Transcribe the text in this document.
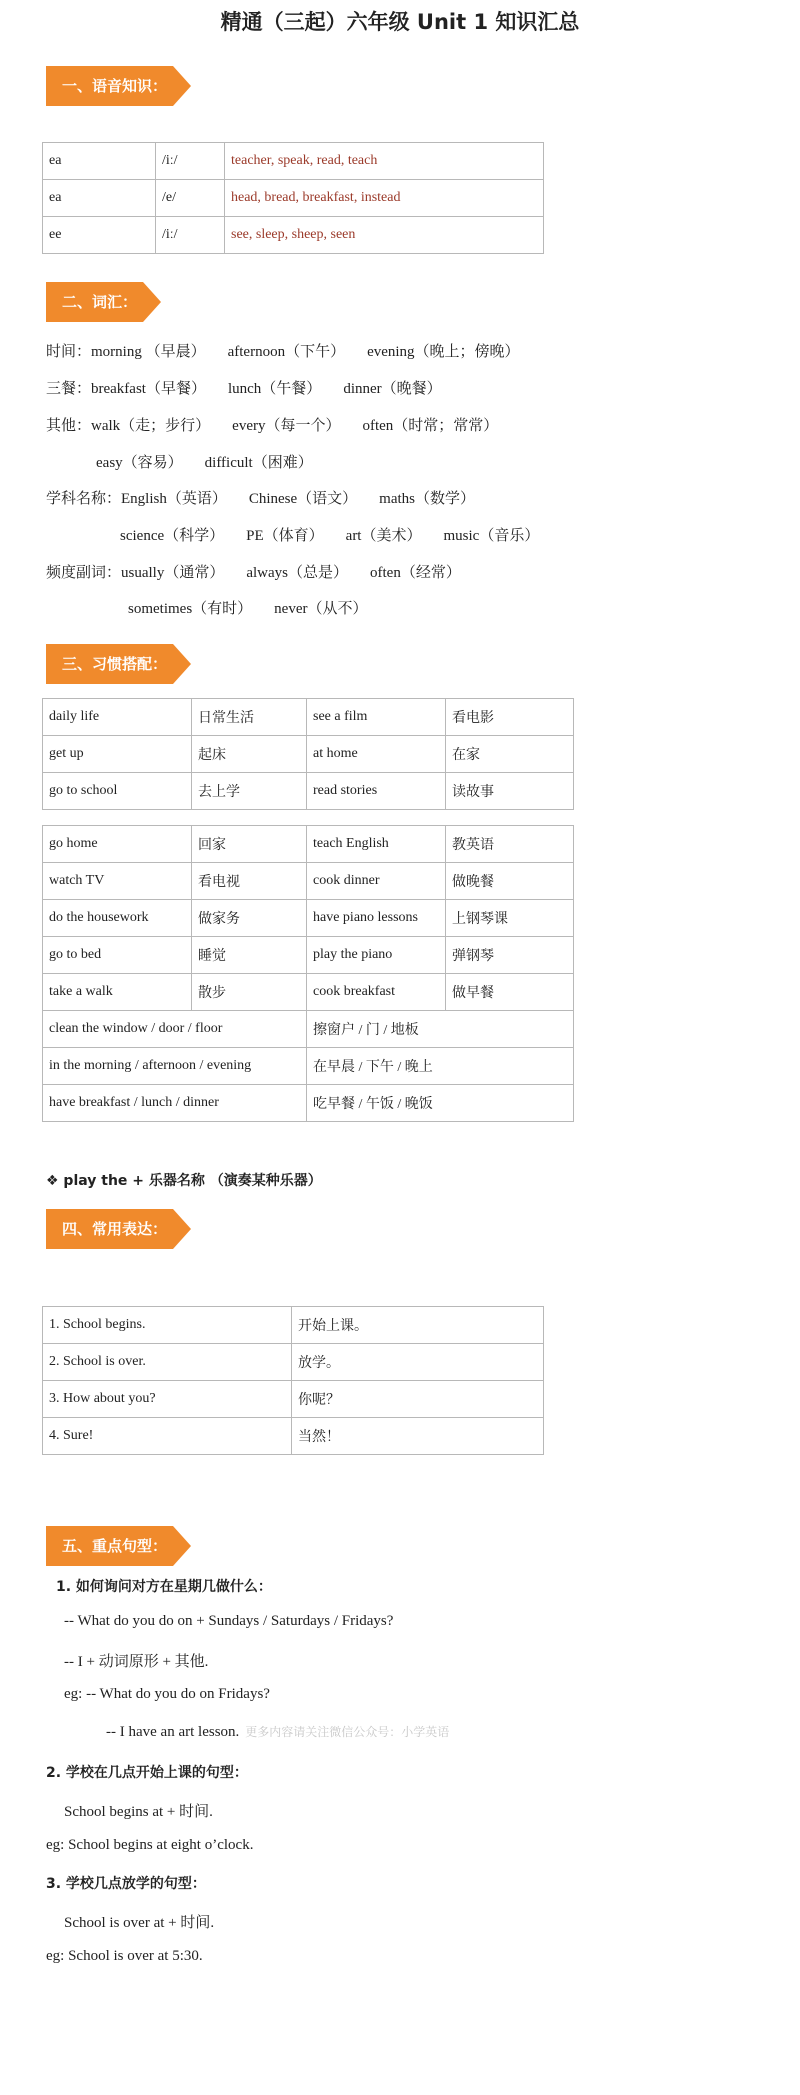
精通（三起）六年级 Unit 1 知识汇总
一、语音知识：
ea	/iː/	teacher, speak, read, teach
ea	/e/	head, bread, breakfast, instead
ee	/iː/	see, sleep, sheep, seen
二、词汇：
时间：morning （早晨） afternoon（下午） evening（晚上；傍晚）
三餐：breakfast（早餐） lunch（午餐） dinner（晚餐）
其他：walk（走；步行） every（每一个） often（时常；常常）
easy（容易） difficult（困难）
学科名称：English（英语） Chinese（语文） maths（数学）
science（科学） PE（体育） art（美术） music（音乐）
频度副词：usually（通常） always（总是） often（经常）
sometimes（有时） never（从不）
三、习惯搭配：
daily life	日常生活	see a film	看电影
get up	起床	at home	在家
go to school	去上学	read stories	读故事
go home	回家	teach English	教英语
watch TV	看电视	cook dinner	做晚餐
do the housework	做家务	have piano lessons	上钢琴课
go to bed	睡觉	play the piano	弹钢琴
take a walk	散步	cook breakfast	做早餐
clean the window / door / floor		擦窗户 / 门 / 地板	
in the morning / afternoon / evening		在早晨 / 下午 / 晚上	
have breakfast / lunch / dinner		吃早餐 / 午饭 / 晚饭	
❖ play the + 乐器名称 （演奏某种乐器）
四、常用表达：
1. School begins.	开始上课。
2. School is over.	放学。
3. How about you?	你呢？
4. Sure!	当然！
五、重点句型：
1. 如何询问对方在星期几做什么：
-- What do you do on + Sundays / Saturdays / Fridays?
-- I + 动词原形 + 其他.
eg: -- What do you do on Fridays?
-- I have an art lesson. 更多内容请关注微信公众号：小学英语
2. 学校在几点开始上课的句型：
School begins at + 时间.
eg: School begins at eight o’clock.
3. 学校几点放学的句型：
School is over at + 时间.
eg: School is over at 5:30.
